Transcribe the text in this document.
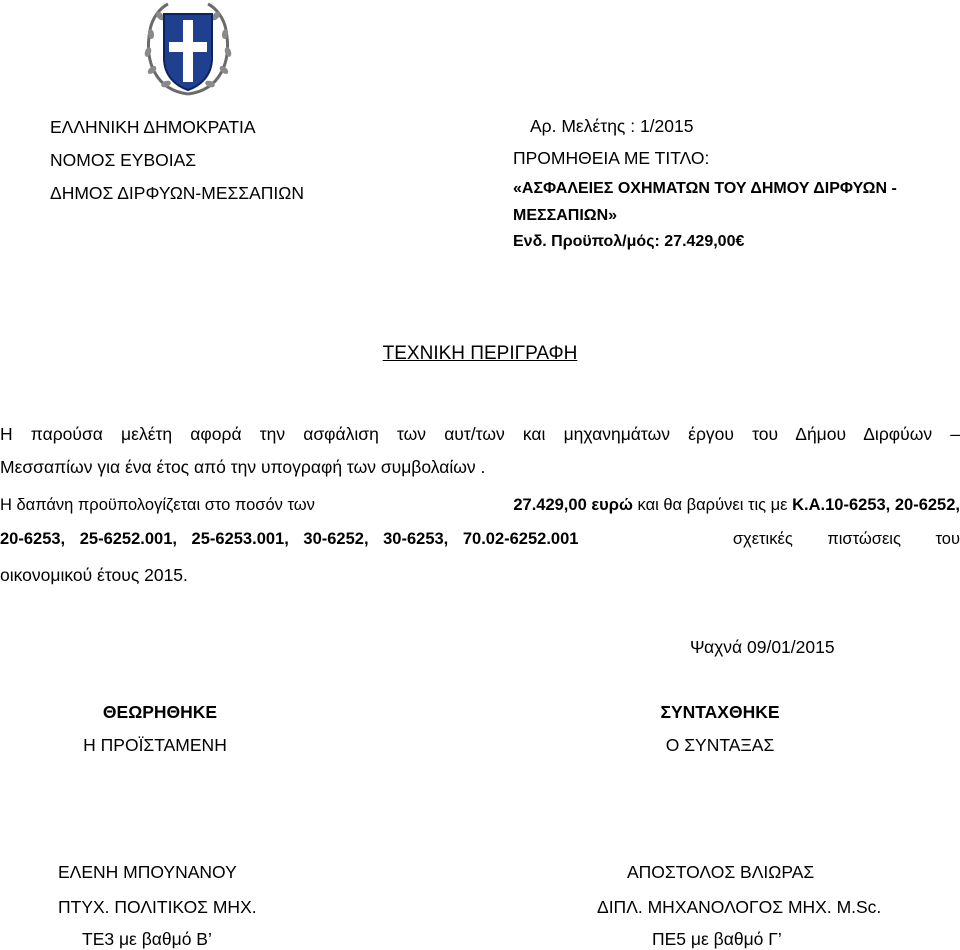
ΕΛΛΗΝΙΚΗ ΔΗΜΟΚΡΑΤΙΑ
ΝΟΜΟΣ ΕΥΒΟΙΑΣ
ΔΗΜΟΣ ΔΙΡΦΥΩΝ-ΜΕΣΣΑΠΙΩΝ
Αρ. Μελέτης : 1/2015
ΠΡΟΜΗΘΕΙΑ ΜΕ ΤΙΤΛΟ:
«ΑΣΦΑΛΕΙΕΣ ΟΧΗΜΑΤΩΝ ΤΟΥ ΔΗΜΟΥ ΔΙΡΦΥΩΝ -
ΜΕΣΣΑΠΙΩΝ»
Ενδ. Προϋπολ/μός: 27.429,00€
ΤΕΧΝΙΚΗ ΠΕΡΙΓΡΑΦΗ
Η παρούσα μελέτη αφορά την ασφάλιση των αυτ/των και μηχανημάτων έργου του Δήμου Διρφύων –
Μεσσαπίων για ένα έτος από την υπογραφή των συμβολαίων .
Η δαπάνη προϋπολογίζεται στο ποσόν των	27.429,00 ευρώ και θα βαρύνει τις με Κ.Α.10-6253, 20-6252,
20-6253, 25-6252.001, 25-6253.001, 30-6252, 30-6253, 70.02-6252.001	σχετικές πιστώσεις του
οικονομικού έτους 2015.
Ψαχνά 09/01/2015
ΘΕΩΡΗΘΗΚΕ
Η ΠΡΟΪΣΤΑΜΕΝΗ
ΕΛΕΝΗ ΜΠΟΥΝΑΝΟΥ
ΠΤΥΧ. ΠΟΛΙΤΙΚΟΣ ΜΗΧ.
ΤΕ3 με βαθμό Β’
ΣΥΝΤΑΧΘΗΚΕ
Ο ΣΥΝΤΑΞΑΣ
ΑΠΟΣΤΟΛΟΣ ΒΛΙΩΡΑΣ
ΔΙΠΛ. ΜΗΧΑΝΟΛΟΓΟΣ ΜΗΧ. M.Sc.
ΠΕ5 με βαθμό Γ’
